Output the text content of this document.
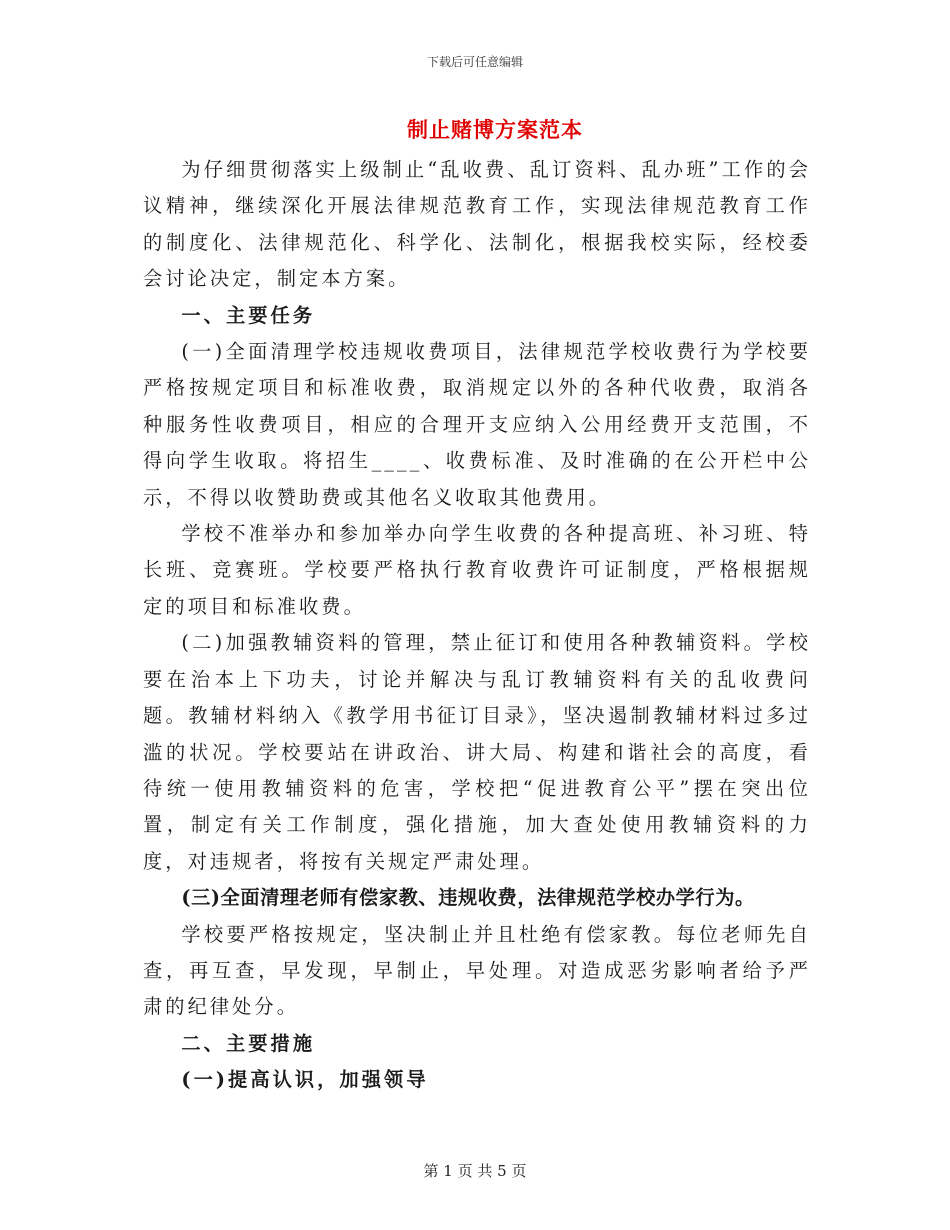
下载后可任意编辑
制止赌博方案范本

为仔细贯彻落实上级制止“乱收费、乱订资料、乱办班”工作的会议精神，继续深化开展法律规范教育工作，实现法律规范教育工作的制度化、法律规范化、科学化、法制化，根据我校实际，经校委会讨论决定，制定本方案。

一、主要任务

(一)全面清理学校违规收费项目，法律规范学校收费行为学校要严格按规定项目和标准收费，取消规定以外的各种代收费，取消各种服务性收费项目，相应的合理开支应纳入公用经费开支范围，不得向学生收取。将招生____、收费标准、及时准确的在公开栏中公示，不得以收赞助费或其他名义收取其他费用。

学校不准举办和参加举办向学生收费的各种提高班、补习班、特长班、竞赛班。学校要严格执行教育收费许可证制度，严格根据规定的项目和标准收费。

(二)加强教辅资料的管理，禁止征订和使用各种教辅资料。学校要在治本上下功夫，讨论并解决与乱订教辅资料有关的乱收费问题。教辅材料纳入《教学用书征订目录》，坚决遏制教辅材料过多过滥的状况。学校要站在讲政治、讲大局、构建和谐社会的高度，看待统一使用教辅资料的危害，学校把“促进教育公平”摆在突出位置，制定有关工作制度，强化措施，加大查处使用教辅资料的力度，对违规者，将按有关规定严肃处理。

(三)全面清理老师有偿家教、违规收费，法律规范学校办学行为。

学校要严格按规定，坚决制止并且杜绝有偿家教。每位老师先自查，再互查，早发现，早制止，早处理。对造成恶劣影响者给予严肃的纪律处分。

二、主要措施

(一)提高认识，加强领导

第 1 页 共 5 页
